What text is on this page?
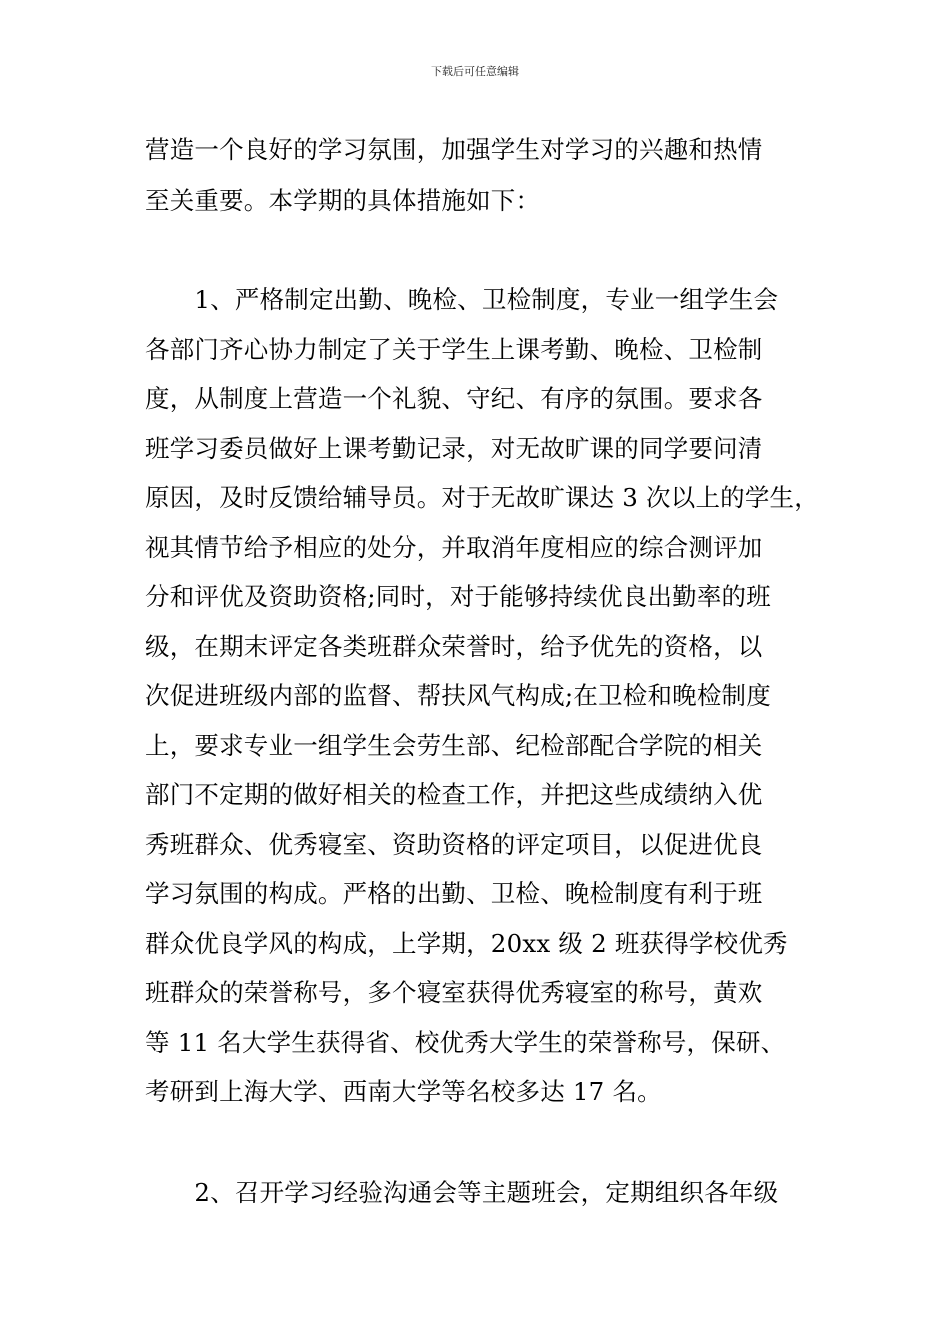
下载后可任意编辑
营造一个良好的学习氛围，加强学生对学习的兴趣和热情
至关重要。本学期的具体措施如下：
　　1、严格制定出勤、晚检、卫检制度，专业一组学生会
各部门齐心协力制定了关于学生上课考勤、晚检、卫检制
度，从制度上营造一个礼貌、守纪、有序的氛围。要求各
班学习委员做好上课考勤记录，对无故旷课的同学要问清
原因，及时反馈给辅导员。对于无故旷课达 3 次以上的学生，
视其情节给予相应的处分，并取消年度相应的综合测评加
分和评优及资助资格;同时，对于能够持续优良出勤率的班
级，在期末评定各类班群众荣誉时，给予优先的资格，以
次促进班级内部的监督、帮扶风气构成;在卫检和晚检制度
上，要求专业一组学生会劳生部、纪检部配合学院的相关
部门不定期的做好相关的检查工作，并把这些成绩纳入优
秀班群众、优秀寝室、资助资格的评定项目，以促进优良
学习氛围的构成。严格的出勤、卫检、晚检制度有利于班
群众优良学风的构成，上学期，20xx 级 2 班获得学校优秀
班群众的荣誉称号，多个寝室获得优秀寝室的称号，黄欢
等 11 名大学生获得省、校优秀大学生的荣誉称号，保研、
考研到上海大学、西南大学等名校多达 17 名。
　　2、召开学习经验沟通会等主题班会，定期组织各年级
